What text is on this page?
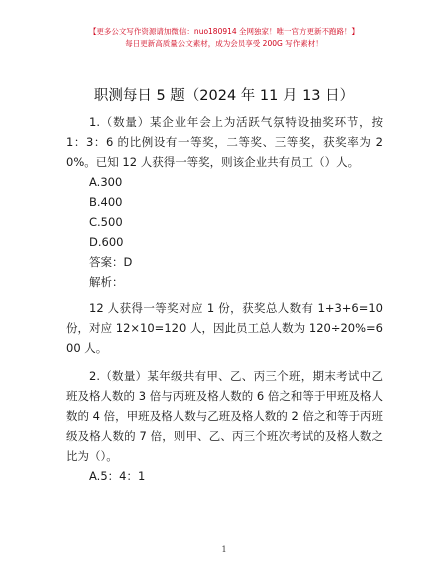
【更多公文写作资源请加微信：nuo180914 全网独家！唯一官方更新不跑路！】
每日更新高质量公文素材，成为会员享受 200G 写作素材！
职测每日 5 题（2024 年 11 月 13 日）

1.（数量）某企业年会上为活跃气氛特设抽奖环节，按 1：3：6 的比例设有一等奖，二等奖、三等奖，获奖率为 20%。已知 12 人获得一等奖，则该企业共有员工（）人。

A.300

B.400

C.500

D.600

答案：D

解析：

12 人获得一等奖对应 1 份，获奖总人数有 1+3+6=10 份，对应 12×10=120 人，因此员工总人数为 120÷20%=600 人。

2.（数量）某年级共有甲、乙、丙三个班，期末考试中乙班及格人数的 3 倍与丙班及格人数的 6 倍之和等于甲班及格人数的 4 倍，甲班及格人数与乙班及格人数的 2 倍之和等于丙班级及格人数的 7 倍，则甲、乙、丙三个班次考试的及格人数之比为（）。

A.5：4：1

1
